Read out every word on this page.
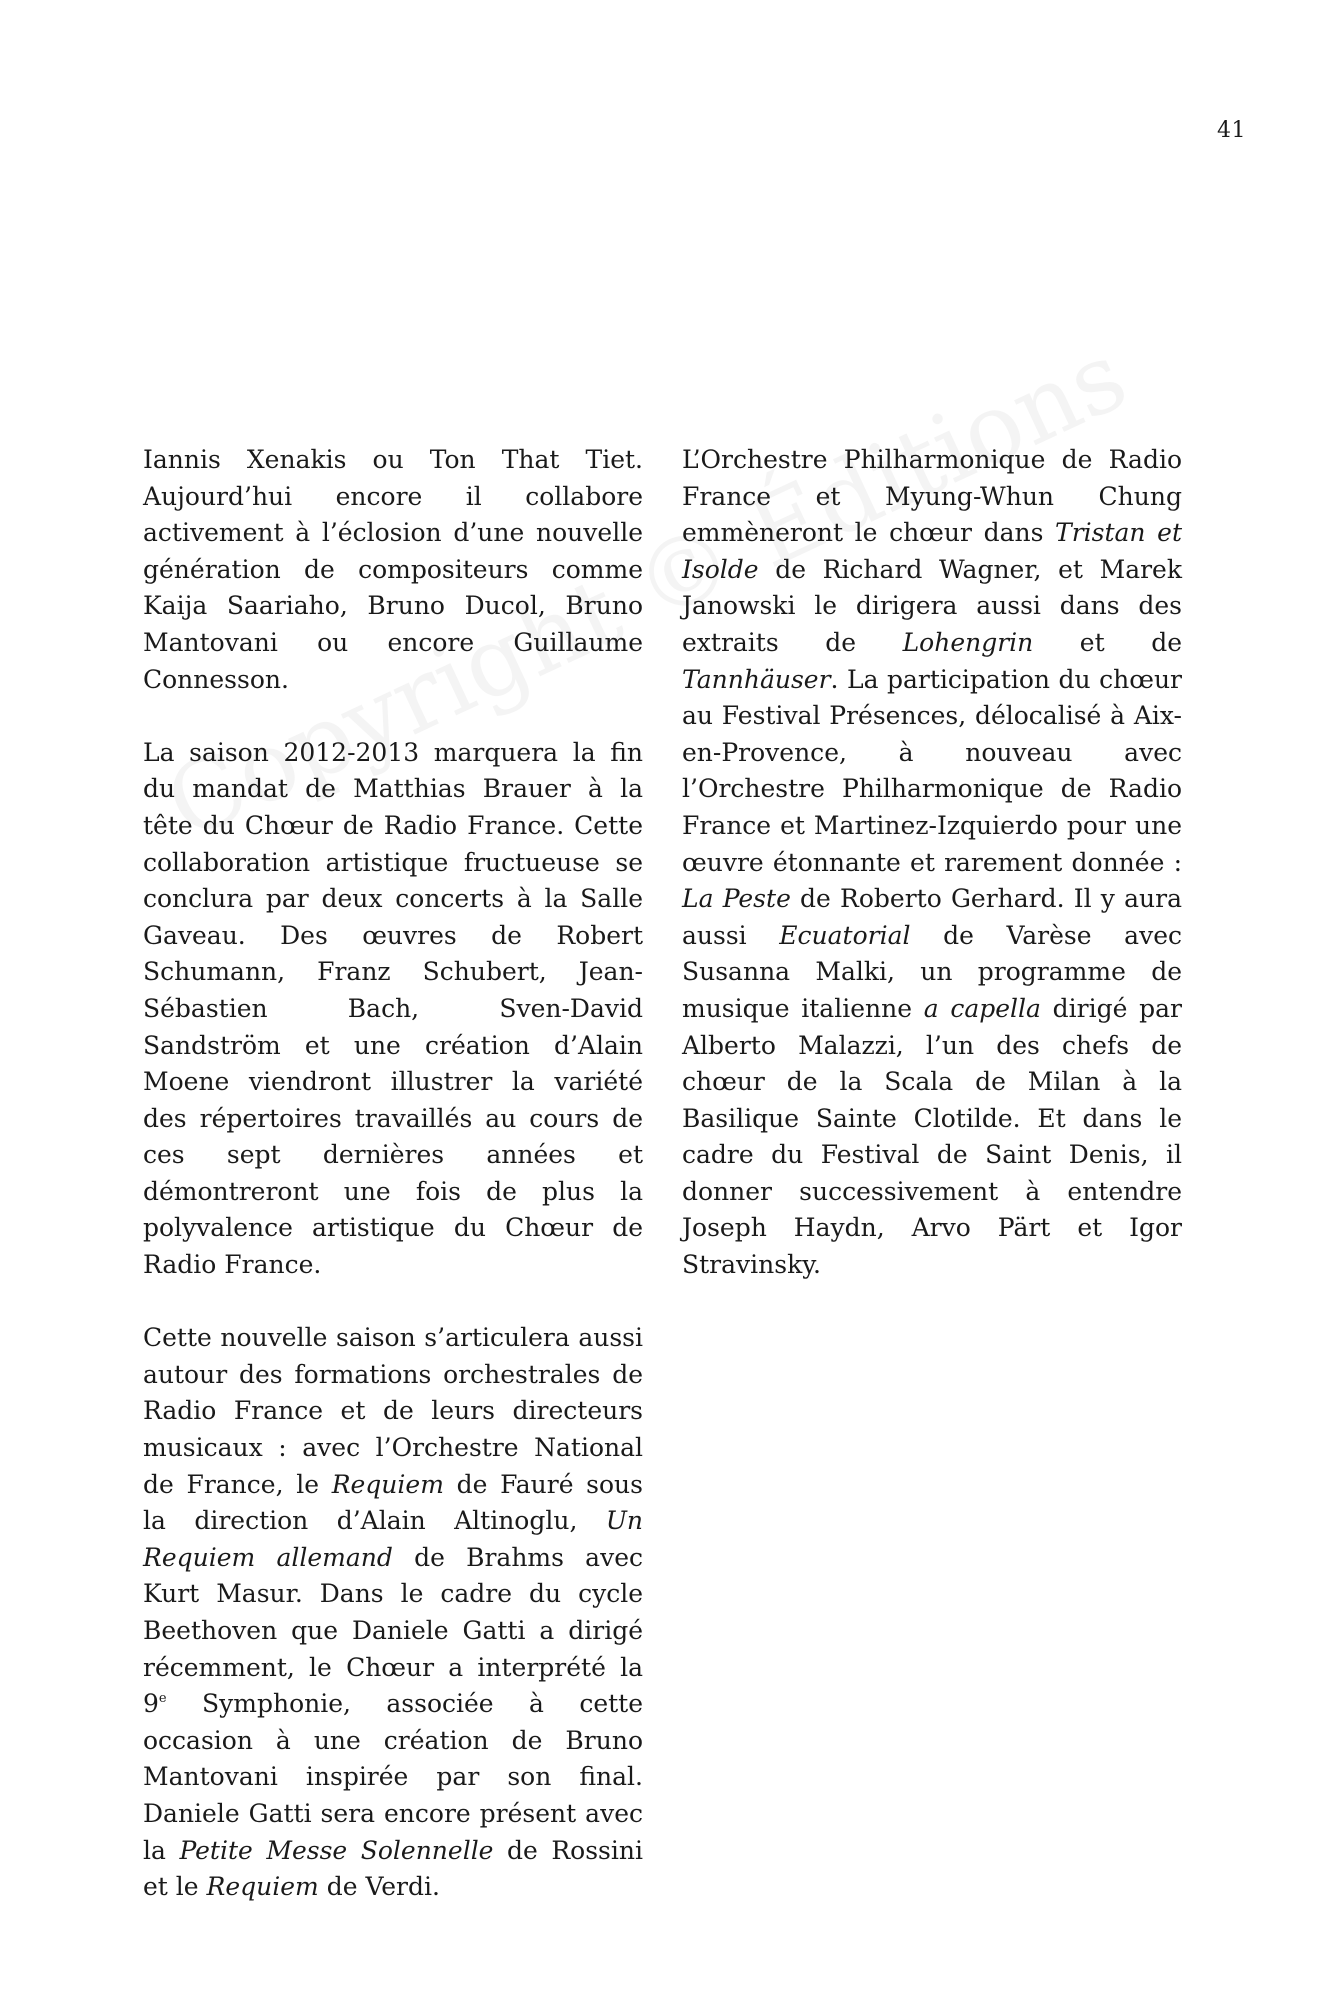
41

Iannis Xenakis ou Ton That Tiet. Aujourd’hui encore il collabore activement à l’éclosion d’une nouvelle génération de compositeurs comme Kaija Saariaho, Bruno Ducol, Bruno Mantovani ou encore Guillaume Connesson.

La saison 2012-2013 marquera la fin du mandat de Matthias Brauer à la tête du Chœur de Radio France. Cette collaboration artistique fructueuse se conclura par deux concerts à la Salle Gaveau. Des œuvres de Robert Schumann, Franz Schubert, Jean-Sébastien Bach, Sven-David Sandström et une création d’Alain Moene viendront illustrer la variété des répertoires travaillés au cours de ces sept dernières années et démontreront une fois de plus la polyvalence artistique du Chœur de Radio France.

Cette nouvelle saison s’articulera aussi autour des formations orchestrales de Radio France et de leurs directeurs musicaux : avec l’Orchestre National de France, le Requiem de Fauré sous la direction d’Alain Altinoglu, Un Requiem allemand de Brahms avec Kurt Masur. Dans le cadre du cycle Beethoven que Daniele Gatti a dirigé récemment, le Chœur a interprété la 9e Symphonie, associée à cette occasion à une création de Bruno Mantovani inspirée par son final. Daniele Gatti sera encore présent avec la Petite Messe Solennelle de Rossini et le Requiem de Verdi.

L’Orchestre Philharmonique de Radio France et Myung-Whun Chung emmèneront le chœur dans Tristan et Isolde de Richard Wagner, et Marek Janowski le dirigera aussi dans des extraits de Lohengrin et de Tannhäuser. La participation du chœur au Festival Présences, délocalisé à Aix-en-Provence, à nouveau avec l’Orchestre Philharmonique de Radio France et Martinez-Izquierdo pour une œuvre étonnante et rarement donnée : La Peste de Roberto Gerhard. Il y aura aussi Ecuatorial de Varèse avec Susanna Malki, un programme de musique italienne a capella dirigé par Alberto Malazzi, l’un des chefs de chœur de la Scala de Milan à la Basilique Sainte Clotilde. Et dans le cadre du Festival de Saint Denis, il donner successivement à entendre Joseph Haydn, Arvo Pärt et Igor Stravinsky.
